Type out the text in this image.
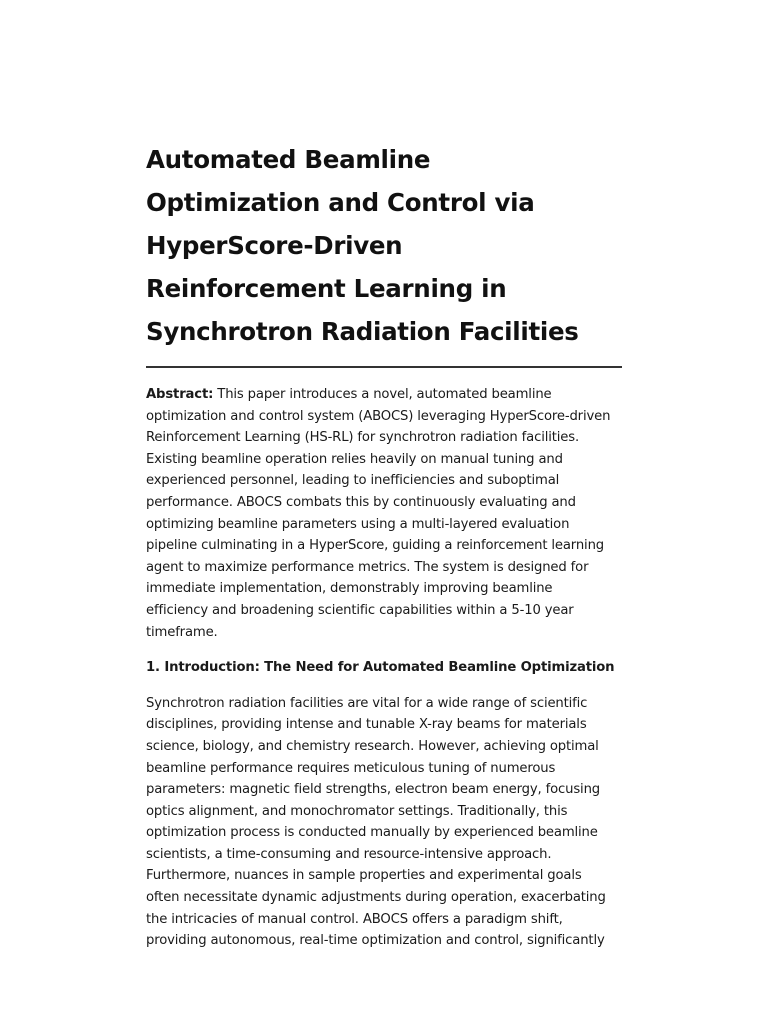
Automated Beamline
Optimization and Control via
HyperScore-Driven
Reinforcement Learning in
Synchrotron Radiation Facilities

Abstract: This paper introduces a novel, automated beamline
optimization and control system (ABOCS) leveraging HyperScore-driven
Reinforcement Learning (HS-RL) for synchrotron radiation facilities.
Existing beamline operation relies heavily on manual tuning and
experienced personnel, leading to inefficiencies and suboptimal
performance. ABOCS combats this by continuously evaluating and
optimizing beamline parameters using a multi-layered evaluation
pipeline culminating in a HyperScore, guiding a reinforcement learning
agent to maximize performance metrics. The system is designed for
immediate implementation, demonstrably improving beamline
efficiency and broadening scientific capabilities within a 5-10 year
timeframe.

1. Introduction: The Need for Automated Beamline Optimization

Synchrotron radiation facilities are vital for a wide range of scientific
disciplines, providing intense and tunable X-ray beams for materials
science, biology, and chemistry research. However, achieving optimal
beamline performance requires meticulous tuning of numerous
parameters: magnetic field strengths, electron beam energy, focusing
optics alignment, and monochromator settings. Traditionally, this
optimization process is conducted manually by experienced beamline
scientists, a time-consuming and resource-intensive approach.
Furthermore, nuances in sample properties and experimental goals
often necessitate dynamic adjustments during operation, exacerbating
the intricacies of manual control. ABOCS offers a paradigm shift,
providing autonomous, real-time optimization and control, significantly
